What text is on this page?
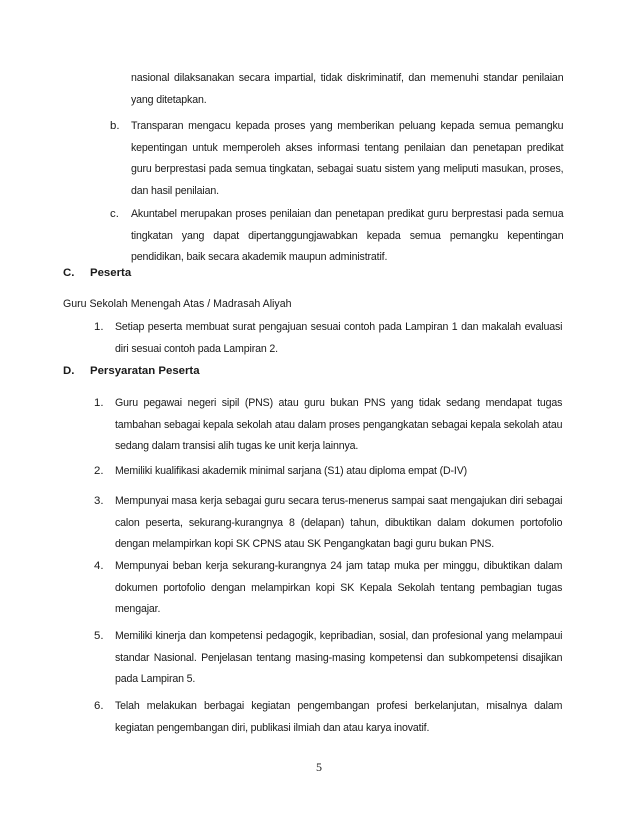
nasional dilaksanakan secara impartial, tidak diskriminatif, dan memenuhi standar penilaian yang ditetapkan.
b. Transparan mengacu kepada proses yang memberikan peluang kepada semua pemangku kepentingan untuk memperoleh akses informasi tentang penilaian dan penetapan predikat guru berprestasi pada semua tingkatan, sebagai suatu sistem yang meliputi masukan, proses, dan hasil penilaian.
c. Akuntabel merupakan proses penilaian dan penetapan predikat guru berprestasi pada semua tingkatan yang dapat dipertanggungjawabkan kepada semua pemangku kepentingan pendidikan, baik secara akademik maupun administratif.
C. Peserta
Guru Sekolah Menengah Atas / Madrasah Aliyah
1. Setiap peserta membuat surat pengajuan sesuai contoh pada Lampiran 1 dan makalah evaluasi diri sesuai contoh pada Lampiran 2.
D. Persyaratan Peserta
1. Guru pegawai negeri sipil (PNS) atau guru bukan PNS yang tidak sedang mendapat tugas tambahan sebagai kepala sekolah atau dalam proses pengangkatan sebagai kepala sekolah atau sedang dalam transisi alih tugas ke unit kerja lainnya.
2. Memiliki kualifikasi akademik minimal sarjana (S1) atau diploma empat (D-IV)
3. Mempunyai masa kerja sebagai guru secara terus-menerus sampai saat mengajukan diri sebagai calon peserta, sekurang-kurangnya 8 (delapan) tahun, dibuktikan dalam dokumen portofolio dengan melampirkan kopi SK CPNS atau SK Pengangkatan bagi guru bukan PNS.
4. Mempunyai beban kerja sekurang-kurangnya 24 jam tatap muka per minggu, dibuktikan dalam dokumen portofolio dengan melampirkan kopi SK Kepala Sekolah tentang pembagian tugas mengajar.
5. Memiliki kinerja dan kompetensi pedagogik, kepribadian, sosial, dan profesional yang melampaui standar Nasional. Penjelasan tentang masing-masing kompetensi dan subkompetensi disajikan pada Lampiran 5.
6. Telah melakukan berbagai kegiatan pengembangan profesi berkelanjutan, misalnya dalam kegiatan pengembangan diri, publikasi ilmiah dan atau karya inovatif.
5
